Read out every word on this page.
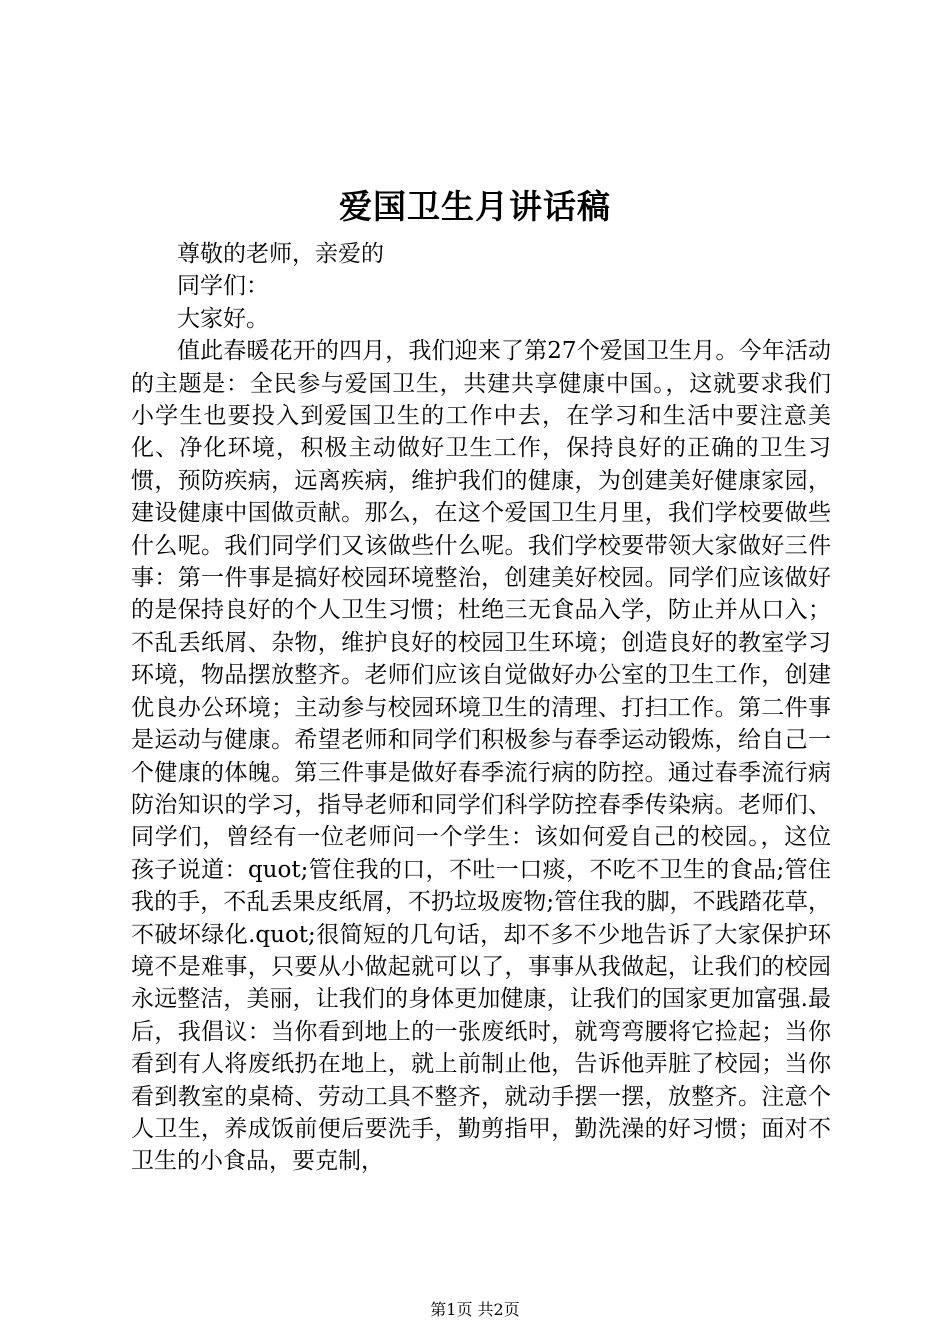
爱国卫生月讲话稿

尊敬的老师，亲爱的

同学们：

大家好。

值此春暖花开的四月，我们迎来了第27个爱国卫生月。今年活动的主题是：全民参与爱国卫生，共建共享健康中国。，这就要求我们小学生也要投入到爱国卫生的工作中去，在学习和生活中要注意美化、净化环境，积极主动做好卫生工作，保持良好的正确的卫生习惯，预防疾病，远离疾病，维护我们的健康，为创建美好健康家园，建设健康中国做贡献。那么，在这个爱国卫生月里，我们学校要做些什么呢。我们同学们又该做些什么呢。我们学校要带领大家做好三件事：第一件事是搞好校园环境整治，创建美好校园。同学们应该做好的是保持良好的个人卫生习惯；杜绝三无食品入学，防止并从口入；不乱丢纸屑、杂物，维护良好的校园卫生环境；创造良好的教室学习环境，物品摆放整齐。老师们应该自觉做好办公室的卫生工作，创建优良办公环境；主动参与校园环境卫生的清理、打扫工作。第二件事是运动与健康。希望老师和同学们积极参与春季运动锻炼，给自己一个健康的体魄。第三件事是做好春季流行病的防控。通过春季流行病防治知识的学习，指导老师和同学们科学防控春季传染病。老师们、同学们，曾经有一位老师问一个学生：该如何爱自己的校园。，这位孩子说道：quot;管住我的口，不吐一口痰，不吃不卫生的食品;管住我的手，不乱丢果皮纸屑，不扔垃圾废物;管住我的脚，不践踏花草，不破坏绿化.quot;很简短的几句话，却不多不少地告诉了大家保护环境不是难事，只要从小做起就可以了，事事从我做起，让我们的校园永远整洁，美丽，让我们的身体更加健康，让我们的国家更加富强.最后，我倡议：当你看到地上的一张废纸时，就弯弯腰将它捡起；当你看到有人将废纸扔在地上，就上前制止他，告诉他弄脏了校园；当你看到教室的桌椅、劳动工具不整齐，就动手摆一摆，放整齐。注意个人卫生，养成饭前便后要洗手，勤剪指甲，勤洗澡的好习惯；面对不卫生的小食品，要克制，

第1页 共2页
